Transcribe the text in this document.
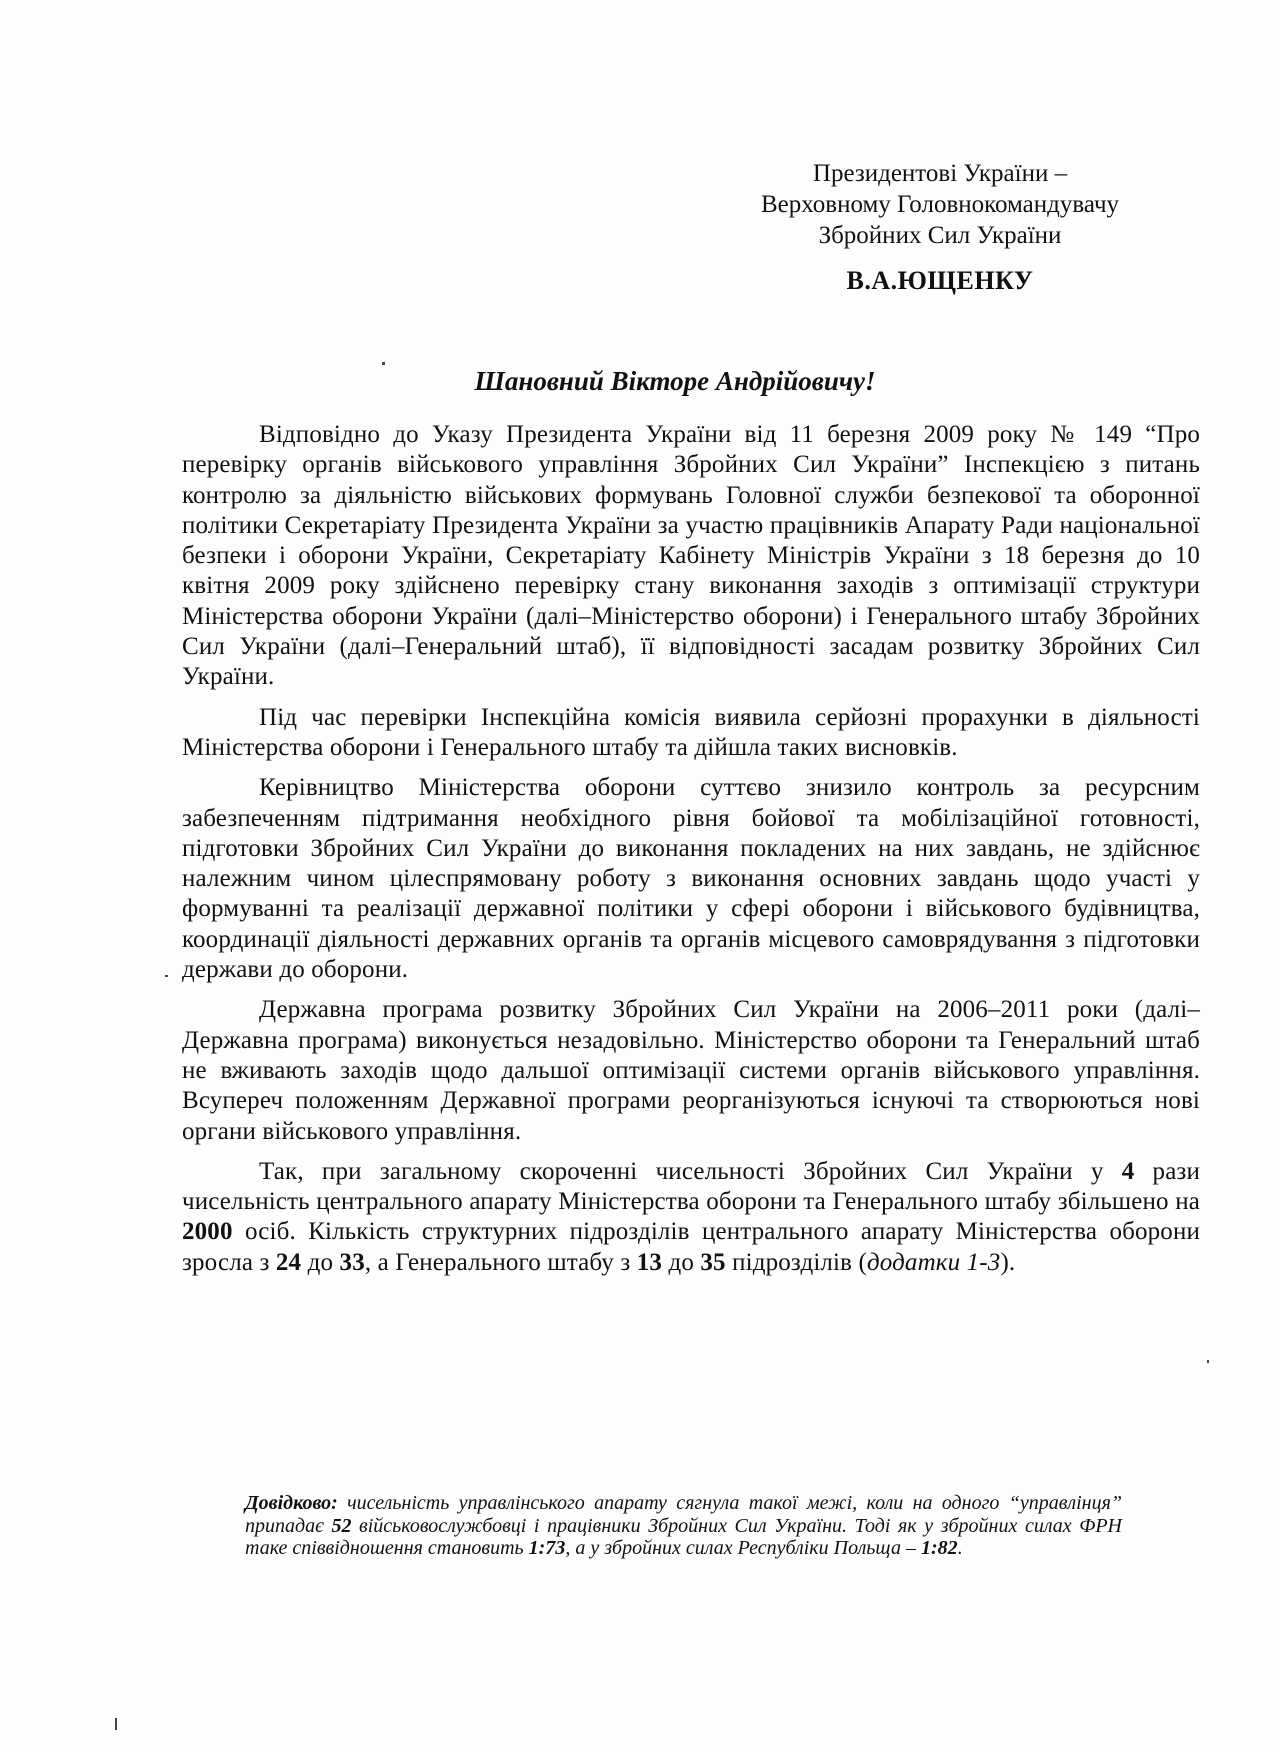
Президентові України –
Верховному Головнокомандувачу
Збройних Сил України
В.А.ЮЩЕНКУ
Шановний Вікторе Андрійовичу!

Відповідно до Указу Президента України від 11 березня 2009 року № 149 “Про перевірку органів військового управління Збройних Сил України” Інспекцією з питань контролю за діяльністю військових формувань Головної служби безпекової та оборонної політики Секретаріату Президента України за участю працівників Апарату Ради національної безпеки і оборони України, Секретаріату Кабінету Міністрів України з 18 березня до 10 квітня 2009 року здійснено перевірку стану виконання заходів з оптимізації структури Міністерства оборони України (далі–Міністерство оборони) і Генерального штабу Збройних Сил України (далі–Генеральний штаб), її відповідності засадам розвитку Збройних Сил України.

Під час перевірки Інспекційна комісія виявила серйозні прорахунки в діяльності Міністерства оборони і Генерального штабу та дійшла таких висновків.

Керівництво Міністерства оборони суттєво знизило контроль за ресурсним забезпеченням підтримання необхідного рівня бойової та мобілізаційної готовності, підготовки Збройних Сил України до виконання покладених на них завдань, не здійснює належним чином цілеспрямовану роботу з виконання основних завдань щодо участі у формуванні та реалізації державної політики у сфері оборони і військового будівництва, координації діяльності державних органів та органів місцевого самоврядування з підготовки держави до оборони.

Державна програма розвитку Збройних Сил України на 2006–2011 роки (далі–Державна програма) виконується незадовільно. Міністерство оборони та Генеральний штаб не вживають заходів щодо дальшої оптимізації системи органів військового управління. Всупереч положенням Державної програми реорганізуються існуючі та створюються нові органи військового управління.

Так, при загальному скороченні чисельності Збройних Сил України у 4 рази чисельність центрального апарату Міністерства оборони та Генерального штабу збільшено на 2000 осіб. Кількість структурних підрозділів центрального апарату Міністерства оборони зросла з 24 до 33, а Генерального штабу з 13 до 35 підрозділів (додатки 1-3).

Довідково: чисельність управлінського апарату сягнула такої межі, коли на одного “управлінця” припадає 52 військовослужбовці і працівники Збройних Сил України. Тоді як у збройних силах ФРН таке співвідношення становить 1:73, а у збройних силах Республіки Польща – 1:82.
